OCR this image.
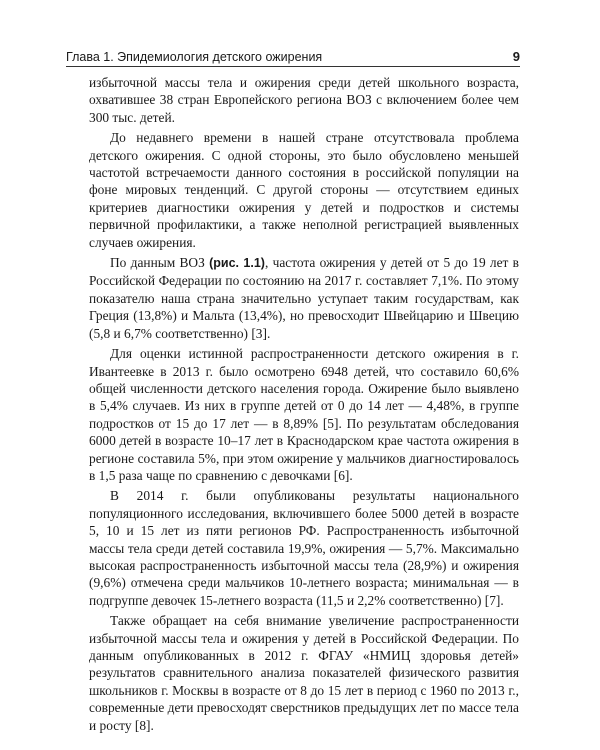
Глава 1. Эпидемиология детского ожирения	9

избыточной массы тела и ожирения среди детей школьного возраста, охватившее 38 стран Европейского региона ВОЗ с включением более чем 300 тыс. детей.

До недавнего времени в нашей стране отсутствовала проблема детского ожирения. С одной стороны, это было обусловлено меньшей частотой встречаемости данного состояния в российской популяции на фоне мировых тенденций. С другой стороны — отсутствием единых критериев диагностики ожирения у детей и подростков и системы первичной профилактики, а также неполной регистрацией выявленных случаев ожирения.

По данным ВОЗ (рис. 1.1), частота ожирения у детей от 5 до 19 лет в Российской Федерации по состоянию на 2017 г. составляет 7,1%. По этому показателю наша страна значительно уступает таким государствам, как Греция (13,8%) и Мальта (13,4%), но превосходит Швейцарию и Швецию (5,8 и 6,7% соответственно) [3].

Для оценки истинной распространенности детского ожирения в г. Ивантеевке в 2013 г. было осмотрено 6948 детей, что составило 60,6% общей численности детского населения города. Ожирение было выявлено в 5,4% случаев. Из них в группе детей от 0 до 14 лет — 4,48%, в группе подростков от 15 до 17 лет — в 8,89% [5]. По результатам обследования 6000 детей в возрасте 10–17 лет в Краснодарском крае частота ожирения в регионе составила 5%, при этом ожирение у мальчиков диагностировалось в 1,5 раза чаще по сравнению с девочками [6].

В 2014 г. были опубликованы результаты национального популяционного исследования, включившего более 5000 детей в возрасте 5, 10 и 15 лет из пяти регионов РФ. Распространенность избыточной массы тела среди детей составила 19,9%, ожирения — 5,7%. Максимально высокая распространенность избыточной массы тела (28,9%) и ожирения (9,6%) отмечена среди мальчиков 10-летнего возраста; минимальная — в подгруппе девочек 15-летнего возраста (11,5 и 2,2% соответственно) [7].

Также обращает на себя внимание увеличение распространенности избыточной массы тела и ожирения у детей в Российской Федерации. По данным опубликованных в 2012 г. ФГАУ «НМИЦ здоровья детей» результатов сравнительного анализа показателей физического развития школьников г. Москвы в возрасте от 8 до 15 лет в период с 1960 по 2013 г., современные дети превосходят сверстников предыдущих лет по массе тела и росту [8].
